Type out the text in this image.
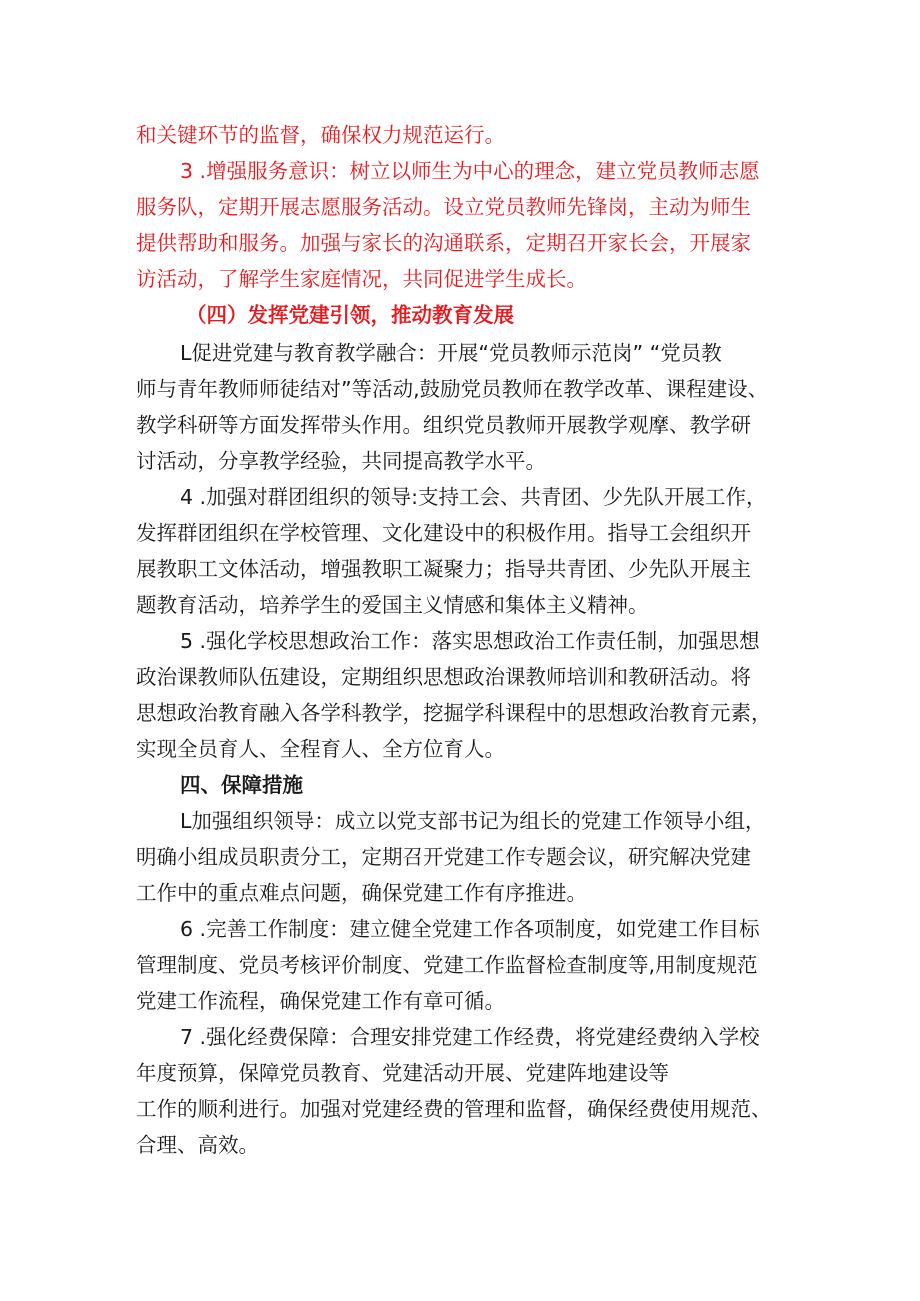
和关键环节的监督，确保权力规范运行。
3 .增强服务意识：树立以师生为中心的理念，建立党员教师志愿
服务队，定期开展志愿服务活动。设立党员教师先锋岗，主动为师生
提供帮助和服务。加强与家长的沟通联系，定期召开家长会，开展家
访活动，了解学生家庭情况，共同促进学生成长。
（四）发挥党建引领，推动教育发展
L促进党建与教育教学融合：开展“党员教师示范岗” “党员教
师与青年教师师徒结对”等活动,鼓励党员教师在教学改革、课程建设、
教学科研等方面发挥带头作用。组织党员教师开展教学观摩、教学研
讨活动，分享教学经验，共同提高教学水平。
4 .加强对群团组织的领导:支持工会、共青团、少先队开展工作，
发挥群团组织在学校管理、文化建设中的积极作用。指导工会组织开
展教职工文体活动，增强教职工凝聚力；指导共青团、少先队开展主
题教育活动，培养学生的爱国主义情感和集体主义精神。
5 .强化学校思想政治工作：落实思想政治工作责任制，加强思想
政治课教师队伍建设，定期组织思想政治课教师培训和教研活动。将
思想政治教育融入各学科教学，挖掘学科课程中的思想政治教育元素，
实现全员育人、全程育人、全方位育人。
四、保障措施
L加强组织领导：成立以党支部书记为组长的党建工作领导小组，
明确小组成员职责分工，定期召开党建工作专题会议，研究解决党建
工作中的重点难点问题，确保党建工作有序推进。
6 .完善工作制度：建立健全党建工作各项制度，如党建工作目标
管理制度、党员考核评价制度、党建工作监督检查制度等,用制度规范
党建工作流程，确保党建工作有章可循。
7 .强化经费保障：合理安排党建工作经费，将党建经费纳入学校
年度预算，保障党员教育、党建活动开展、党建阵地建设等
工作的顺利进行。加强对党建经费的管理和监督，确保经费使用规范、
合理、高效。
